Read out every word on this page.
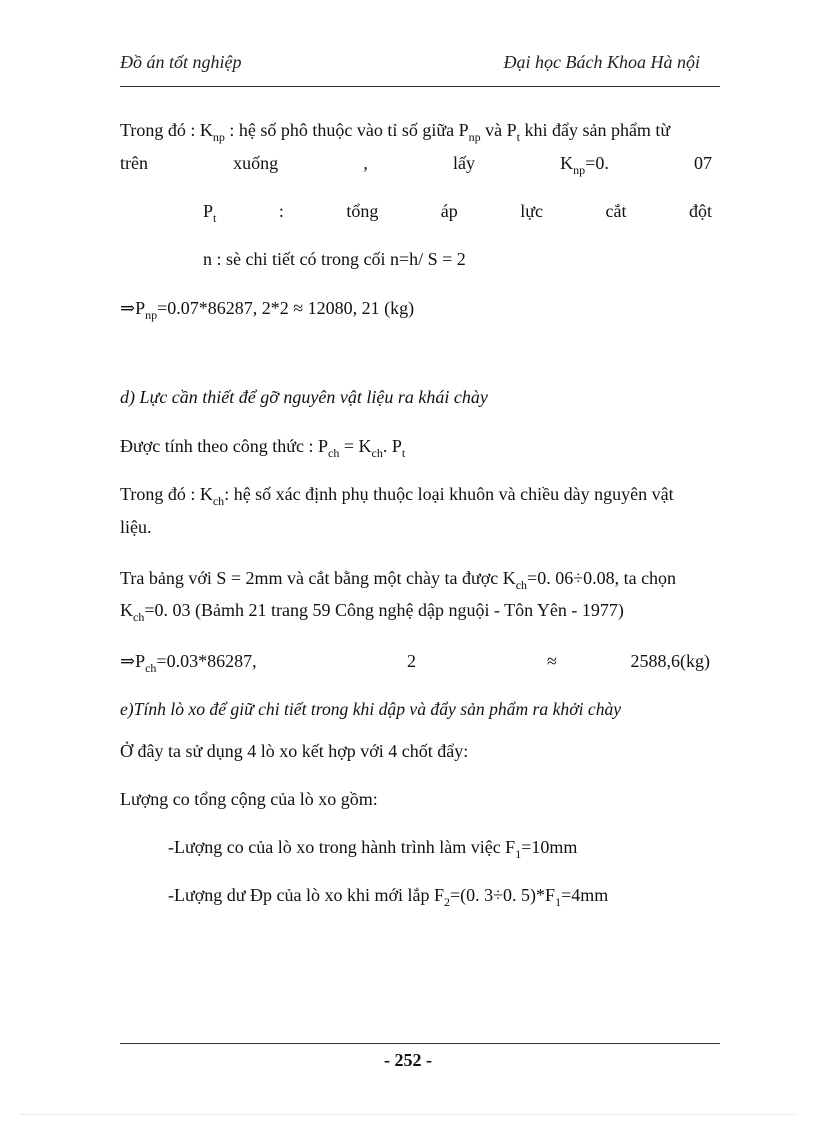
Đồ án tốt nghiệp	Đại học Bách Khoa Hà nội
Trong đó : $K_{np}$ : hệ số phô thuộc vào tỉ số giữa $P_{np}$ và $P_t$ khi đẩy sản phẩm từ
trên	xuống	,	lấy	$K_{np}=0$.	07
$P_t$	:	tổng	áp	lực	cắt	đột
n : sè chi tiết có trong cối n=h/ S = 2
$\Rightarrow P_{np}=0.07*86287$, 2*2 ≈ 12080, 21 (kg)
d) Lực cần thiết để gỡ nguyên vật liệu ra khái chày
Được tính theo công thức : $P_{ch} = K_{ch}$. $P_t$
Trong đó : $K_{ch}$: hệ số xác định phụ thuộc loại khuôn và chiều dày nguyên vật
liệu.
Tra bảng với S = 2mm và cắt bằng một chày ta được $K_{ch}=0$. 06÷0.08, ta chọn
$K_{ch}=0$. 03 (Bảmh 21 trang 59 Công nghệ dập nguội - Tôn Yên - 1977)
$\Rightarrow P_{ch}=0.03*86287$,	2	≈	2588,6(kg)
e)Tính lò xo để giữ chi tiết trong khi dập và đẩy sản phẩm ra khởi chày
Ở đây ta sử dụng 4 lò xo kết hợp với 4 chốt đẩy:
Lượng co tổng cộng của lò xo gồm:
-Lượng co của lò xo trong hành trình làm việc $F_1=10mm$
-Lượng dư Đp của lò xo khi mới lắp $F_2=(0$. 3÷0. $5)*F_1=4mm$
- 252 -
